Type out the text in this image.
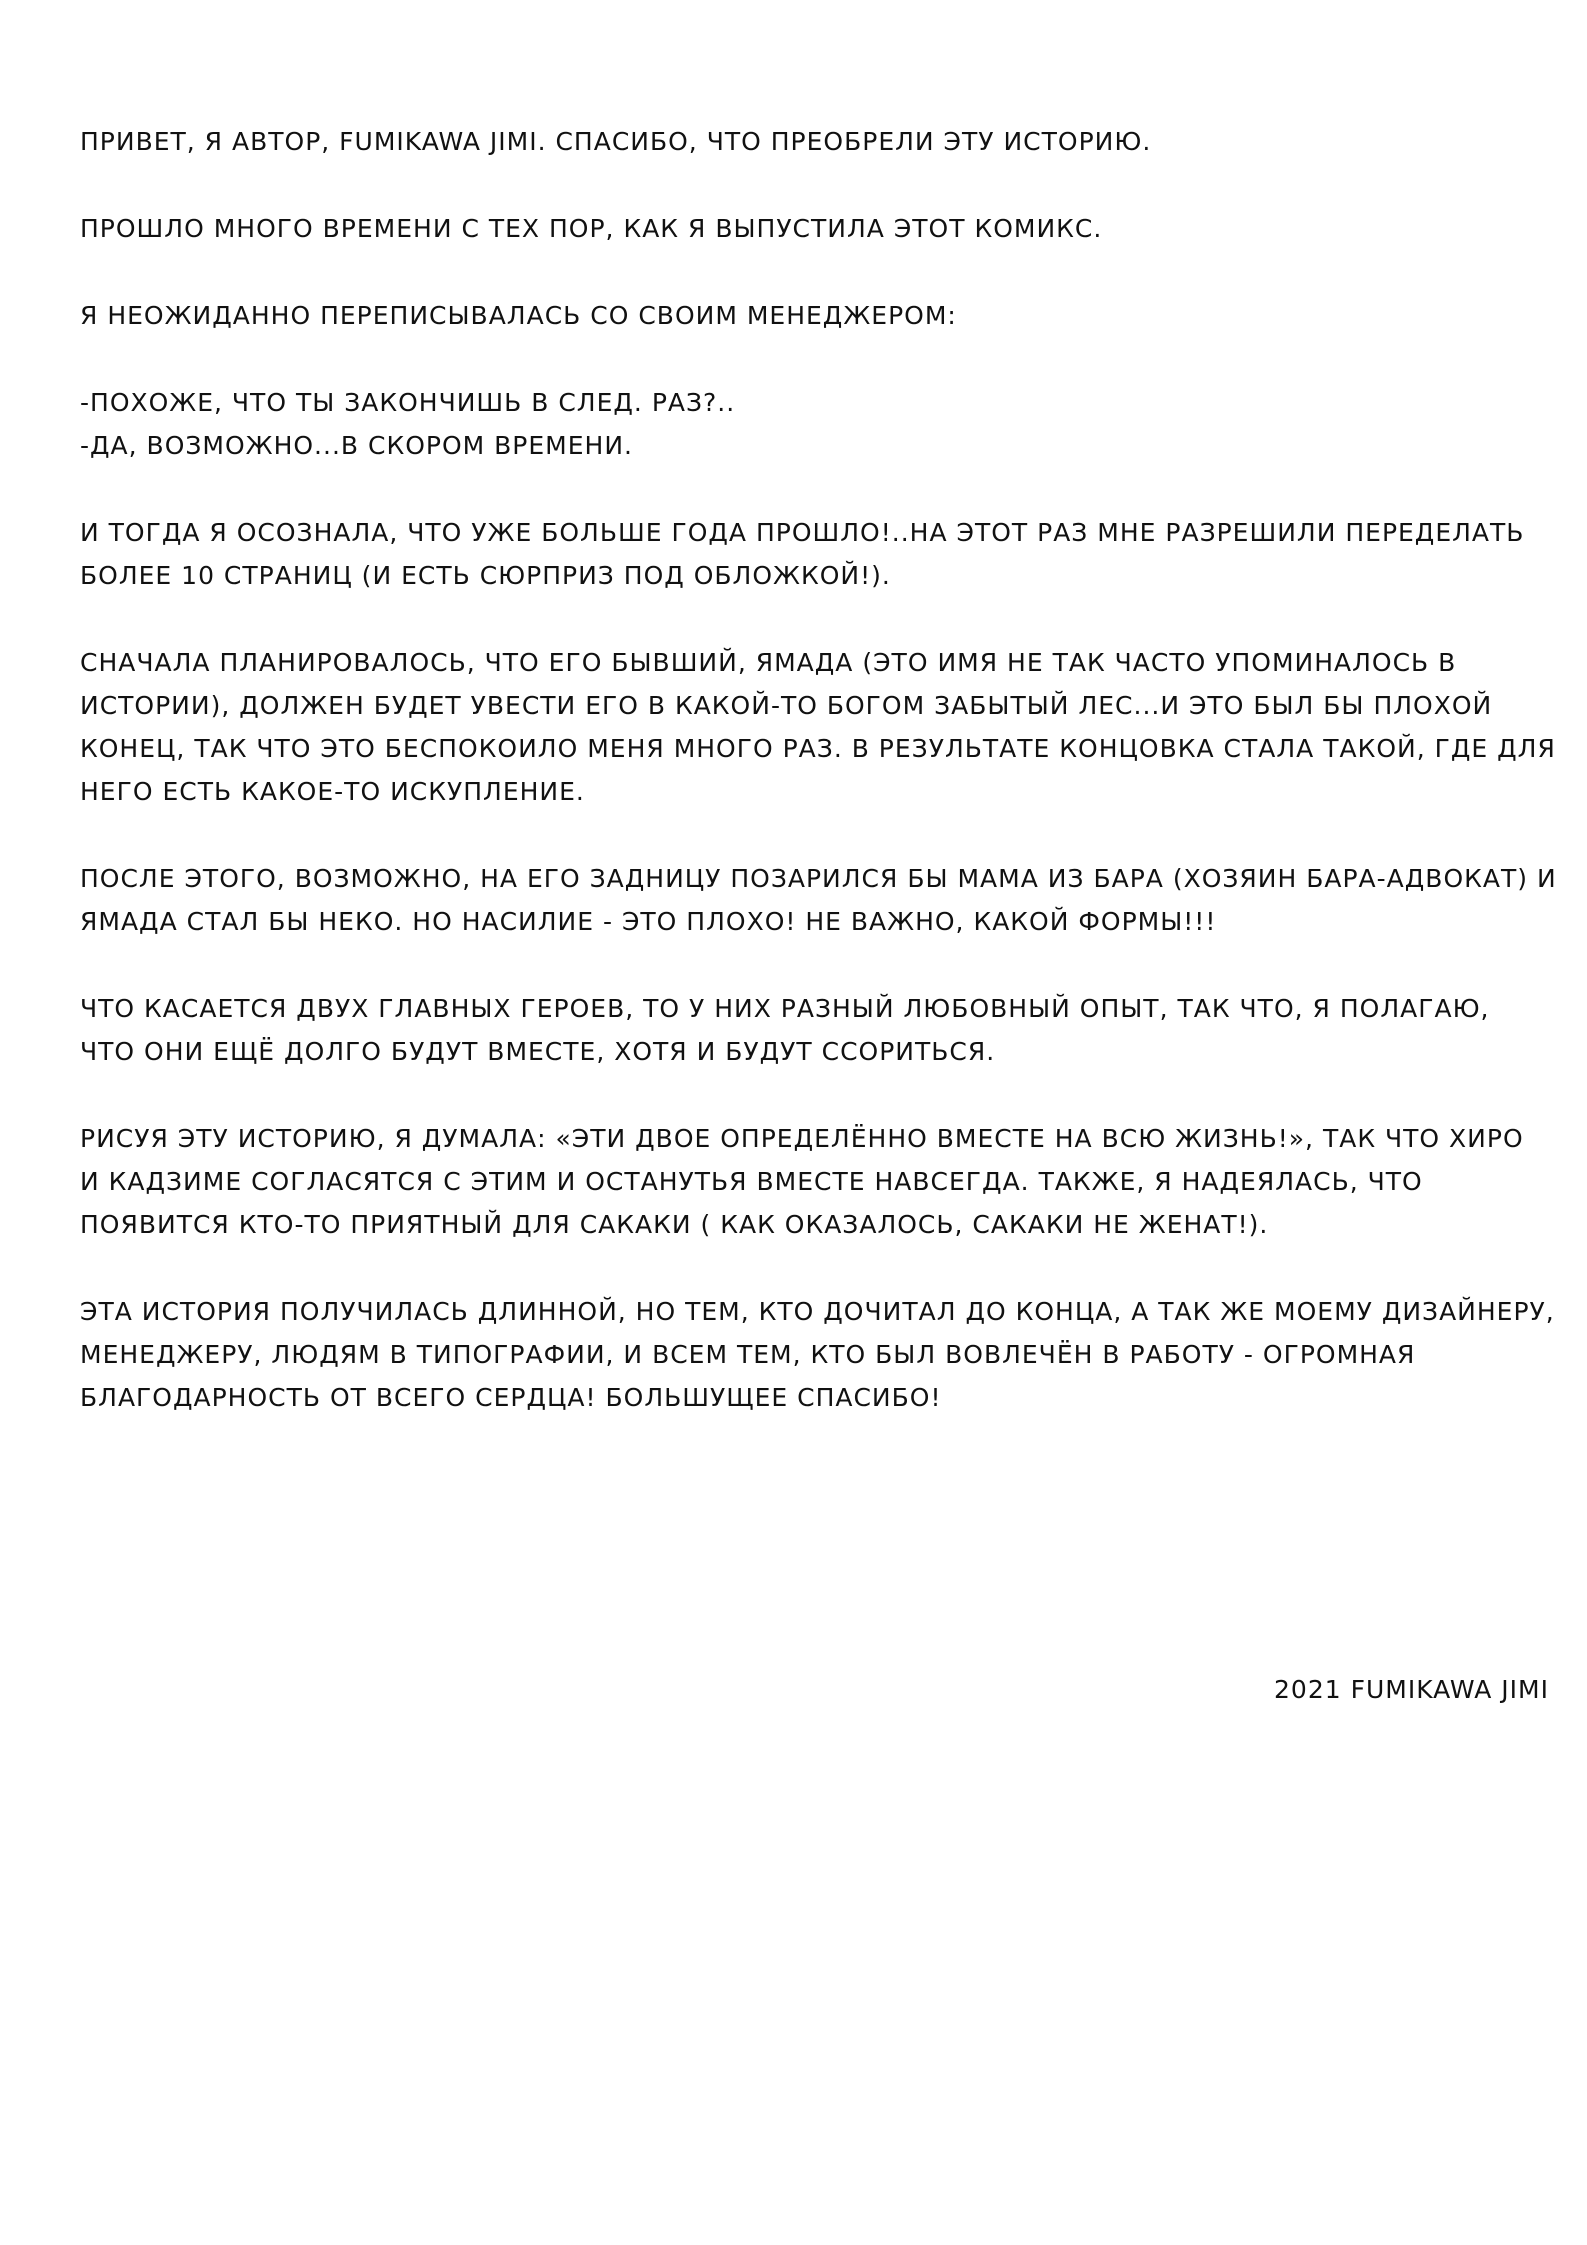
ПРИВЕТ, Я АВТОР, FUMIKAWA JIMI. СПАСИБО, ЧТО ПРЕОБРЕЛИ ЭТУ ИСТОРИЮ.

ПРОШЛО МНОГО ВРЕМЕНИ С ТЕХ ПОР, КАК Я ВЫПУСТИЛА ЭТОТ КОМИКС.

Я НЕОЖИДАННО ПЕРЕПИСЫВАЛАСЬ СО СВОИМ МЕНЕДЖЕРОМ:

-ПОХОЖЕ, ЧТО ТЫ ЗАКОНЧИШЬ В СЛЕД. РАЗ?..
-ДА, ВОЗМОЖНО...В СКОРОМ ВРЕМЕНИ.

И ТОГДА Я ОСОЗНАЛА, ЧТО УЖЕ БОЛЬШЕ ГОДА ПРОШЛО!..НА ЭТОТ РАЗ МНЕ РАЗРЕШИЛИ ПЕРЕДЕЛАТЬ
БОЛЕЕ 10 СТРАНИЦ (И ЕСТЬ СЮРПРИЗ ПОД ОБЛОЖКОЙ!).

СНАЧАЛА ПЛАНИРОВАЛОСЬ, ЧТО ЕГО БЫВШИЙ, ЯМАДА (ЭТО ИМЯ НЕ ТАК ЧАСТО УПОМИНАЛОСЬ В
ИСТОРИИ), ДОЛЖЕН БУДЕТ УВЕСТИ ЕГО В КАКОЙ-ТО БОГОМ ЗАБЫТЫЙ ЛЕС...И ЭТО БЫЛ БЫ ПЛОХОЙ
КОНЕЦ, ТАК ЧТО ЭТО БЕСПОКОИЛО МЕНЯ МНОГО РАЗ. В РЕЗУЛЬТАТЕ КОНЦОВКА СТАЛА ТАКОЙ, ГДЕ ДЛЯ
НЕГО ЕСТЬ КАКОЕ-ТО ИСКУПЛЕНИЕ.

ПОСЛЕ ЭТОГО, ВОЗМОЖНО, НА ЕГО ЗАДНИЦУ ПОЗАРИЛСЯ БЫ МАМА ИЗ БАРА (ХОЗЯИН БАРА-АДВОКАТ) И
ЯМАДА СТАЛ БЫ НЕКО. НО НАСИЛИЕ - ЭТО ПЛОХО! НЕ ВАЖНО, КАКОЙ ФОРМЫ!!!

ЧТО КАСАЕТСЯ ДВУХ ГЛАВНЫХ ГЕРОЕВ, ТО У НИХ РАЗНЫЙ ЛЮБОВНЫЙ ОПЫТ, ТАК ЧТО, Я ПОЛАГАЮ,
ЧТО ОНИ ЕЩЁ ДОЛГО БУДУТ ВМЕСТЕ, ХОТЯ И БУДУТ ССОРИТЬСЯ.

РИСУЯ ЭТУ ИСТОРИЮ, Я ДУМАЛА: «ЭТИ ДВОЕ ОПРЕДЕЛЁННО ВМЕСТЕ НА ВСЮ ЖИЗНЬ!», ТАК ЧТО ХИРО
И КАДЗИМЕ СОГЛАСЯТСЯ С ЭТИМ И ОСТАНУТЬЯ ВМЕСТЕ НАВСЕГДА. ТАКЖЕ, Я НАДЕЯЛАСЬ, ЧТО
ПОЯВИТСЯ КТО-ТО ПРИЯТНЫЙ ДЛЯ САКАКИ ( КАК ОКАЗАЛОСЬ, САКАКИ НЕ ЖЕНАТ!).

ЭТА ИСТОРИЯ ПОЛУЧИЛАСЬ ДЛИННОЙ, НО ТЕМ, КТО ДОЧИТАЛ ДО КОНЦА, А ТАК ЖЕ МОЕМУ ДИЗАЙНЕРУ,
МЕНЕДЖЕРУ, ЛЮДЯМ В ТИПОГРАФИИ, И ВСЕМ ТЕМ, КТО БЫЛ ВОВЛЕЧЁН В РАБОТУ - ОГРОМНАЯ
БЛАГОДАРНОСТЬ ОТ ВСЕГО СЕРДЦА! БОЛЬШУЩЕЕ СПАСИБО!

2021 FUMIKAWA JIMI
